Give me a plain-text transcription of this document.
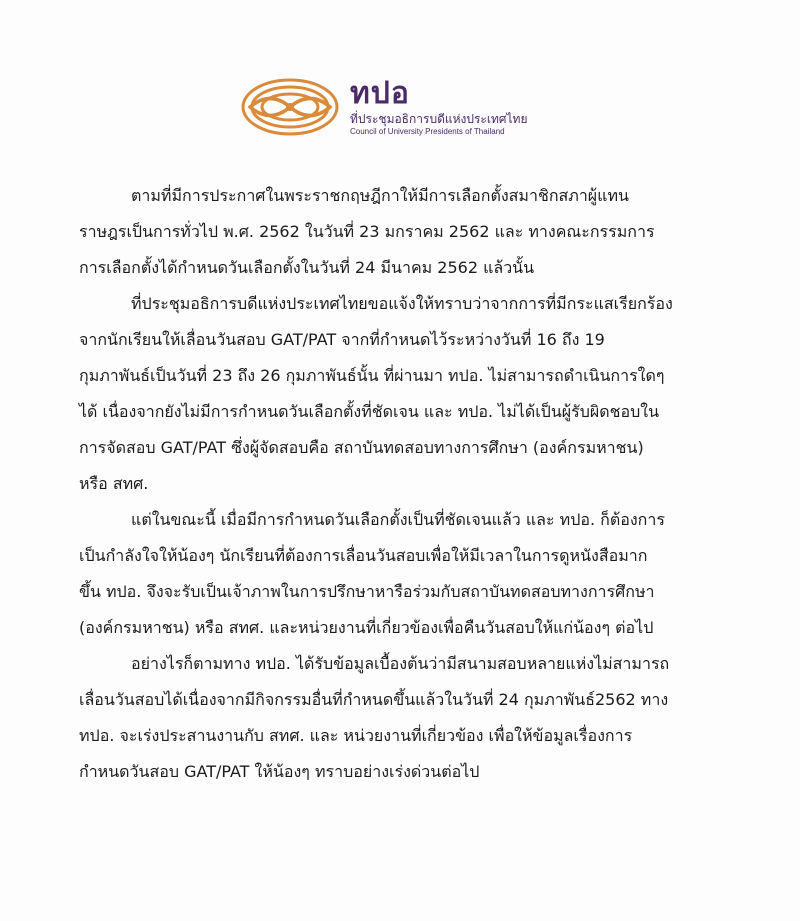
ทปอ
ที่ประชุมอธิการบดีแห่งประเทศไทย
Council of University Presidents of Thailand
ตามที่มีการประกาศในพระราชกฤษฎีกาให้มีการเลือกตั้งสมาชิกสภาผู้แทน
ราษฎรเป็นการทั่วไป พ.ศ. 2562 ในวันที่ 23 มกราคม 2562 และ ทางคณะกรรมการ
การเลือกตั้งได้กำหนดวันเลือกตั้งในวันที่ 24 มีนาคม 2562 แล้วนั้น
ที่ประชุมอธิการบดีแห่งประเทศไทยขอแจ้งให้ทราบว่าจากการที่มีกระแสเรียกร้อง
จากนักเรียนให้เลื่อนวันสอบ GAT/PAT จากที่กำหนดไว้ระหว่างวันที่ 16 ถึง 19
กุมภาพันธ์เป็นวันที่ 23 ถึง 26 กุมภาพันธ์นั้น ที่ผ่านมา ทปอ. ไม่สามารถดำเนินการใดๆ
ได้ เนื่องจากยังไม่มีการกำหนดวันเลือกตั้งที่ชัดเจน และ ทปอ. ไม่ได้เป็นผู้รับผิดชอบใน
การจัดสอบ GAT/PAT ซึ่งผู้จัดสอบคือ สถาบันทดสอบทางการศึกษา (องค์กรมหาชน)
หรือ สทศ.
แต่ในขณะนี้ เมื่อมีการกำหนดวันเลือกตั้งเป็นที่ชัดเจนแล้ว และ ทปอ. ก็ต้องการ
เป็นกำลังใจให้น้องๆ นักเรียนที่ต้องการเลื่อนวันสอบเพื่อให้มีเวลาในการดูหนังสือมาก
ขึ้น ทปอ. จึงจะรับเป็นเจ้าภาพในการปรึกษาหารือร่วมกับสถาบันทดสอบทางการศึกษา
(องค์กรมหาชน) หรือ สทศ. และหน่วยงานที่เกี่ยวข้องเพื่อคืนวันสอบให้แก่น้องๆ ต่อไป
อย่างไรก็ตามทาง ทปอ. ได้รับข้อมูลเบื้องต้นว่ามีสนามสอบหลายแห่งไม่สามารถ
เลื่อนวันสอบได้เนื่องจากมีกิจกรรมอื่นที่กำหนดขึ้นแล้วในวันที่ 24 กุมภาพันธ์2562 ทาง
ทปอ. จะเร่งประสานงานกับ สทศ. และ หน่วยงานที่เกี่ยวข้อง เพื่อให้ข้อมูลเรื่องการ
กำหนดวันสอบ GAT/PAT ให้น้องๆ ทราบอย่างเร่งด่วนต่อไป
